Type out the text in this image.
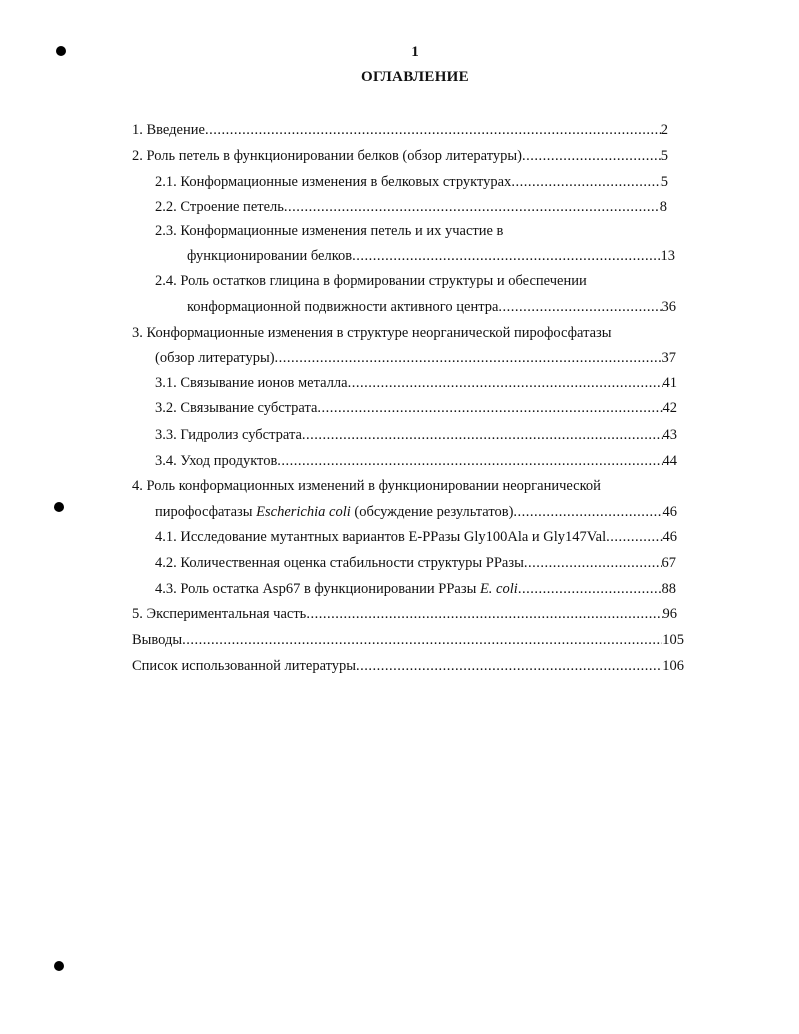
1
ОГЛАВЛЕНИЕ
1. Введение .....	2
2. Роль петель в функционировании белков (обзор литературы) .....	5
2.1. Конформационные изменения в белковых структурах .....	5
2.2. Строение петель .....	8
2.3. Конформационные изменения петель и их участие в
функционировании белков .....	13
2.4. Роль остатков глицина в формировании структуры и обеспечении
конформационной подвижности активного центра .....	36
3. Конформационные изменения в структуре неорганической пирофосфатазы
(обзор литературы) .....	37
3.1. Связывание ионов металла .....	41
3.2. Связывание субстрата .....	42
3.3. Гидролиз субстрата .....	43
3.4. Уход продуктов .....	44
4. Роль конформационных изменений в функционировании неорганической
пирофосфатазы Escherichia coli (обсуждение результатов) .....	46
4.1. Исследование мутантных вариантов E-PPазы Gly100Ala и Gly147Val .....	46
4.2. Количественная оценка стабильности структуры PPазы .....	67
4.3. Роль остатка Asp67 в функционировании PPазы E. coli .....	88
5. Экспериментальная часть .....	96
Выводы .....	105
Список использованной литературы .....	106
